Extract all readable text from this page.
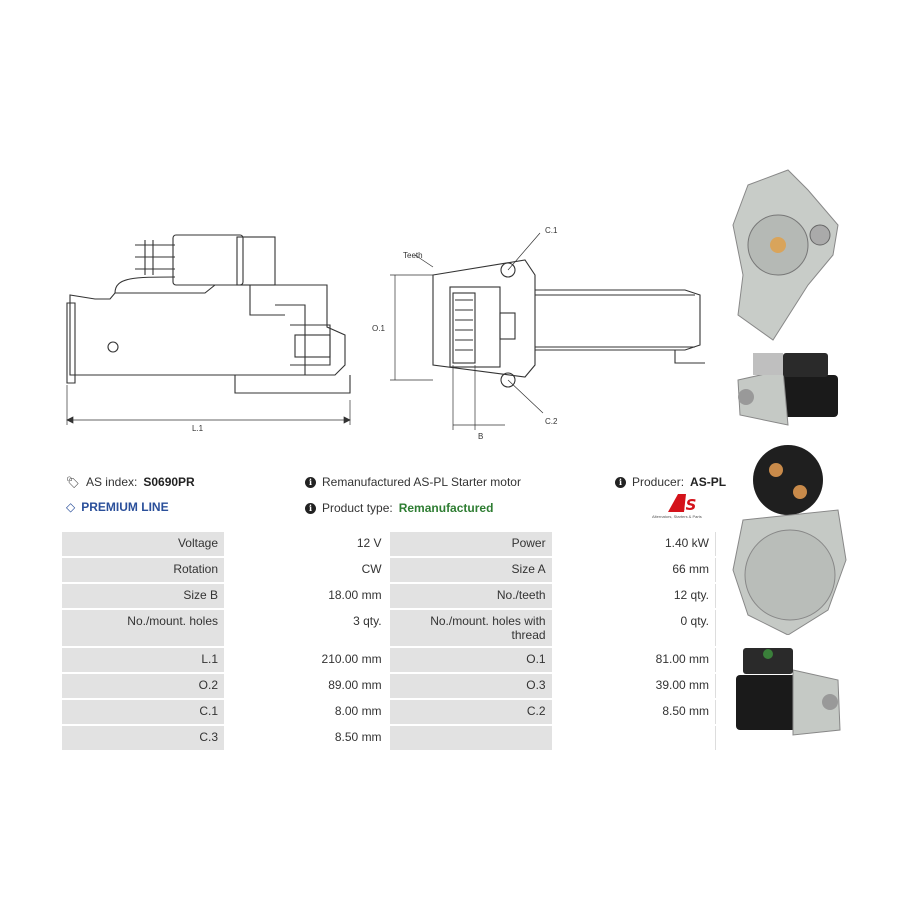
L.1
O.1
C.1
C.2
Teeth
B
🏷︎ AS index: S0690PR	i Remanufactured AS-PL Starter motor	i Producer: AS-PL
◇ PREMIUM LINE	i Product type: Remanufactured	AS
Alternators, Starters & Parts
Voltage	12 V	Power	1.40 kW
Rotation	CW	Size A	66 mm
Size B	18.00 mm	No./teeth	12 qty.
No./mount. holes	3 qty.	No./mount. holes with thread	0 qty.
L.1	210.00 mm	O.1	81.00 mm
O.2	89.00 mm	O.3	39.00 mm
C.1	8.00 mm	C.2	8.50 mm
C.3	8.50 mm		
